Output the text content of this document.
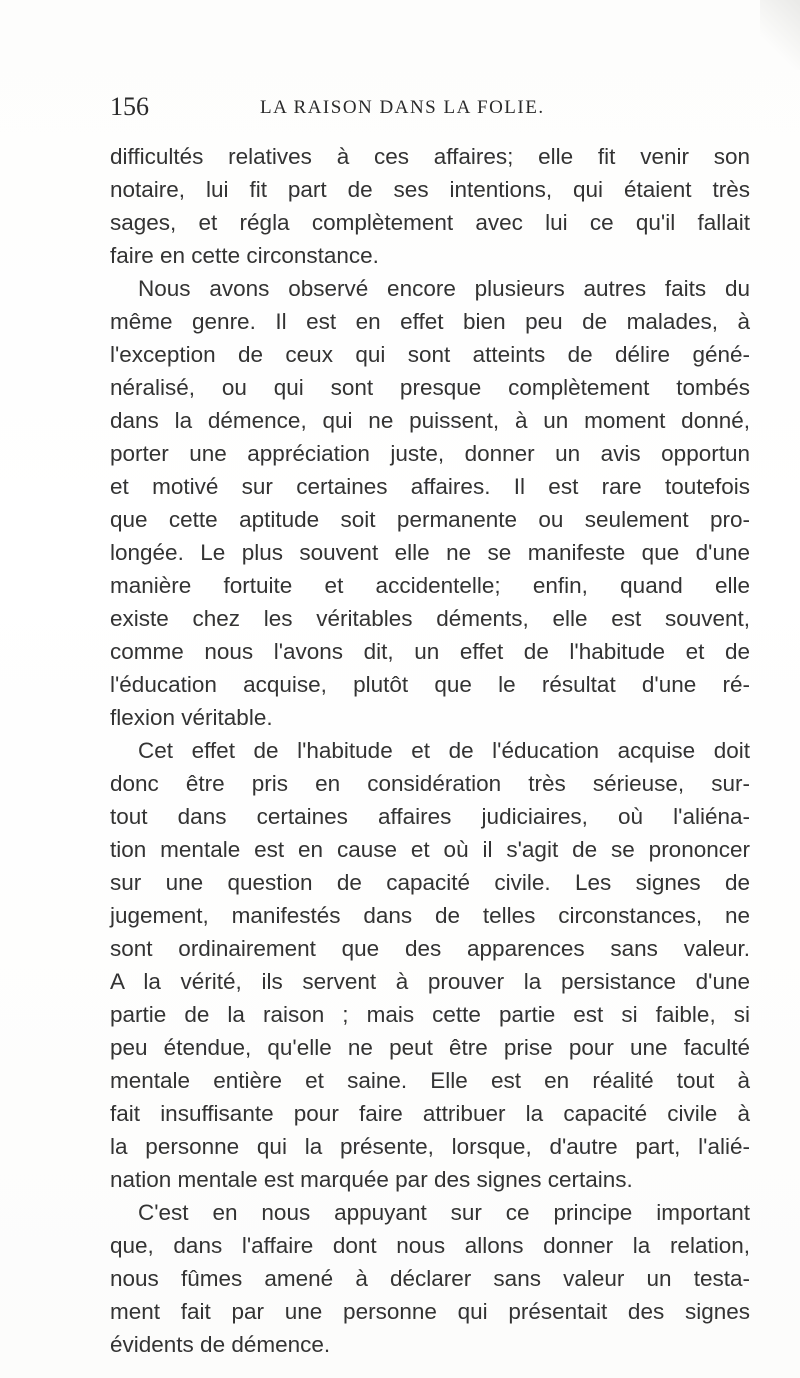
156	LA RAISON DANS LA FOLIE.

difficultés relatives à ces affaires; elle fit venir son
notaire, lui fit part de ses intentions, qui étaient très
sages, et régla complètement avec lui ce qu'il fallait
faire en cette circonstance.

Nous avons observé encore plusieurs autres faits du
même genre. Il est en effet bien peu de malades, à
l'exception de ceux qui sont atteints de délire géné-
néralisé, ou qui sont presque complètement tombés
dans la démence, qui ne puissent, à un moment donné,
porter une appréciation juste, donner un avis opportun
et motivé sur certaines affaires. Il est rare toutefois
que cette aptitude soit permanente ou seulement pro-
longée. Le plus souvent elle ne se manifeste que d'une
manière fortuite et accidentelle; enfin, quand elle
existe chez les véritables déments, elle est souvent,
comme nous l'avons dit, un effet de l'habitude et de
l'éducation acquise, plutôt que le résultat d'une ré-
flexion véritable.

Cet effet de l'habitude et de l'éducation acquise doit
donc être pris en considération très sérieuse, sur-
tout dans certaines affaires judiciaires, où l'aliéna-
tion mentale est en cause et où il s'agit de se prononcer
sur une question de capacité civile. Les signes de
jugement, manifestés dans de telles circonstances, ne
sont ordinairement que des apparences sans valeur.
A la vérité, ils servent à prouver la persistance d'une
partie de la raison ; mais cette partie est si faible, si
peu étendue, qu'elle ne peut être prise pour une faculté
mentale entière et saine. Elle est en réalité tout à
fait insuffisante pour faire attribuer la capacité civile à
la personne qui la présente, lorsque, d'autre part, l'alié-
nation mentale est marquée par des signes certains.

C'est en nous appuyant sur ce principe important
que, dans l'affaire dont nous allons donner la relation,
nous fûmes amené à déclarer sans valeur un testa-
ment fait par une personne qui présentait des signes
évidents de démence.
